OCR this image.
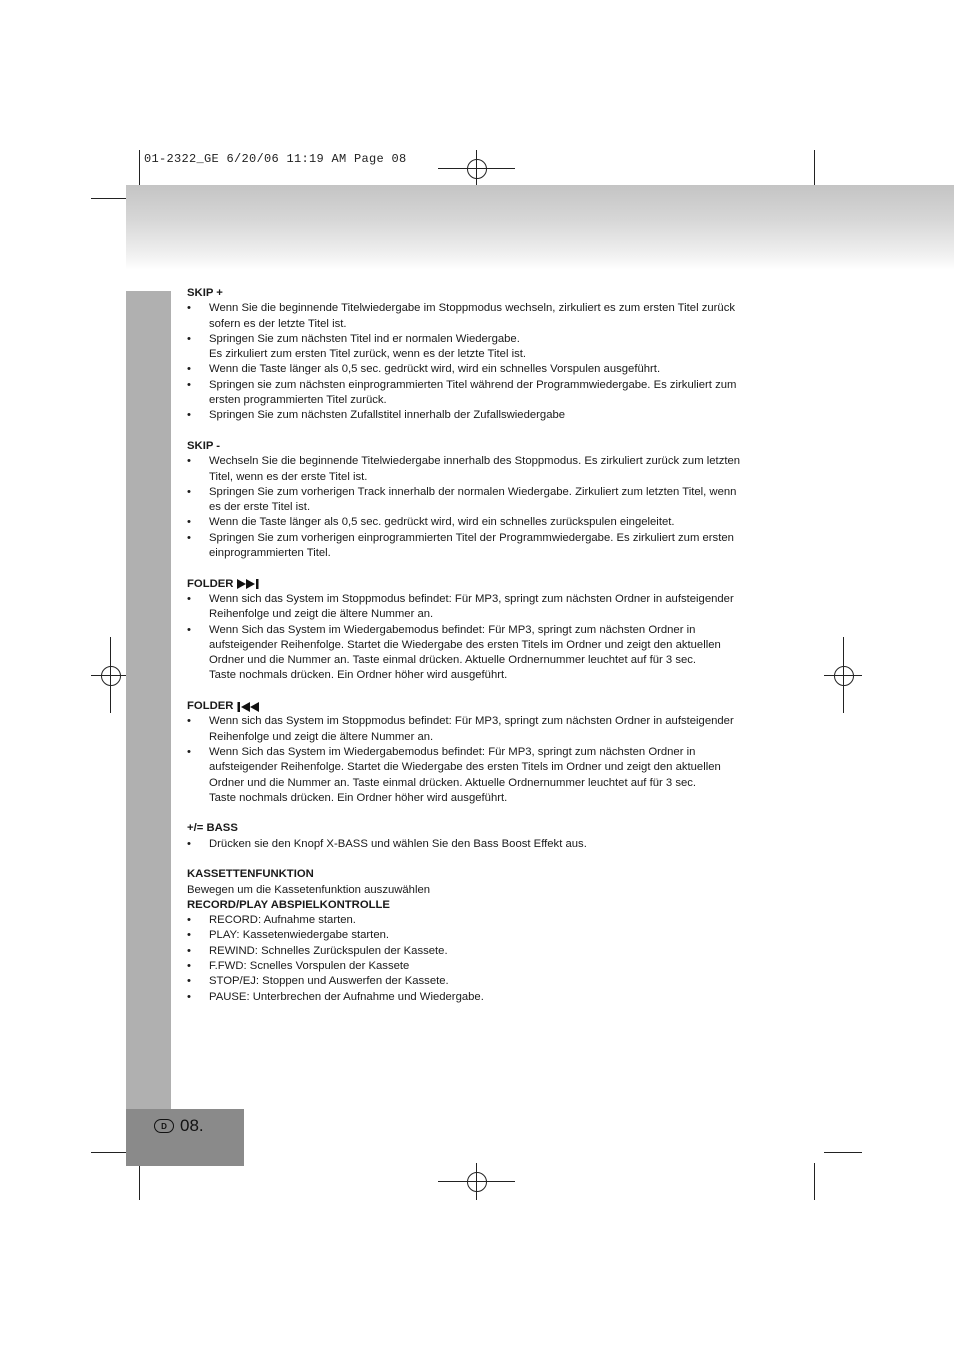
01-2322_GE 6/20/06 11:19 AM Page 08
D 08.
SKIP +
• Wenn Sie die beginnende Titelwiedergabe im Stoppmodus wechseln, zirkuliert es zum ersten Titel zurück
sofern es der letzte Titel ist.
• Springen Sie zum nächsten Titel ind er normalen Wiedergabe.
Es zirkuliert zum ersten Titel zurück, wenn es der letzte Titel ist.
• Wenn die Taste länger als 0,5 sec. gedrückt wird, wird ein schnelles Vorspulen ausgeführt.
• Springen sie zum nächsten einprogrammierten Titel während der Programmwiedergabe. Es zirkuliert zum
ersten programmierten Titel zurück.
• Springen Sie zum nächsten Zufallstitel innerhalb der Zufallswiedergabe
SKIP -
• Wechseln Sie die beginnende Titelwiedergabe innerhalb des Stoppmodus. Es zirkuliert zurück zum letzten
Titel, wenn es der erste Titel ist.
• Springen Sie zum vorherigen Track innerhalb der normalen Wiedergabe. Zirkuliert zum letzten Titel, wenn
es der erste Titel ist.
• Wenn die Taste länger als 0,5 sec. gedrückt wird, wird ein schnelles zurückspulen eingeleitet.
• Springen Sie zum vorherigen einprogrammierten Titel der Programmwiedergabe. Es zirkuliert zum ersten
einprogrammierten Titel.
FOLDER
• Wenn sich das System im Stoppmodus befindet: Für MP3, springt zum nächsten Ordner in aufsteigender
Reihenfolge und zeigt die ältere Nummer an.
• Wenn Sich das System im Wiedergabemodus befindet: Für MP3, springt zum nächsten Ordner in
aufsteigender Reihenfolge. Startet die Wiedergabe des ersten Titels im Ordner und zeigt den aktuellen
Ordner und die Nummer an. Taste einmal drücken. Aktuelle Ordnernummer leuchtet auf für 3 sec.
Taste nochmals drücken. Ein Ordner höher wird ausgeführt.
FOLDER
• Wenn sich das System im Stoppmodus befindet: Für MP3, springt zum nächsten Ordner in aufsteigender
Reihenfolge und zeigt die ältere Nummer an.
• Wenn Sich das System im Wiedergabemodus befindet: Für MP3, springt zum nächsten Ordner in
aufsteigender Reihenfolge. Startet die Wiedergabe des ersten Titels im Ordner und zeigt den aktuellen
Ordner und die Nummer an. Taste einmal drücken. Aktuelle Ordnernummer leuchtet auf für 3 sec.
Taste nochmals drücken. Ein Ordner höher wird ausgeführt.
+/= BASS
• Drücken sie den Knopf X-BASS und wählen Sie den Bass Boost Effekt aus.
KASSETTENFUNKTION
Bewegen um die Kassetenfunktion auszuwählen
RECORD/PLAY ABSPIELKONTROLLE
• RECORD: Aufnahme starten.
• PLAY: Kassetenwiedergabe starten.
• REWIND: Schnelles Zurückspulen der Kassete.
• F.FWD: Scnelles Vorspulen der Kassete
• STOP/EJ: Stoppen und Auswerfen der Kassete.
• PAUSE: Unterbrechen der Aufnahme und Wiedergabe.
